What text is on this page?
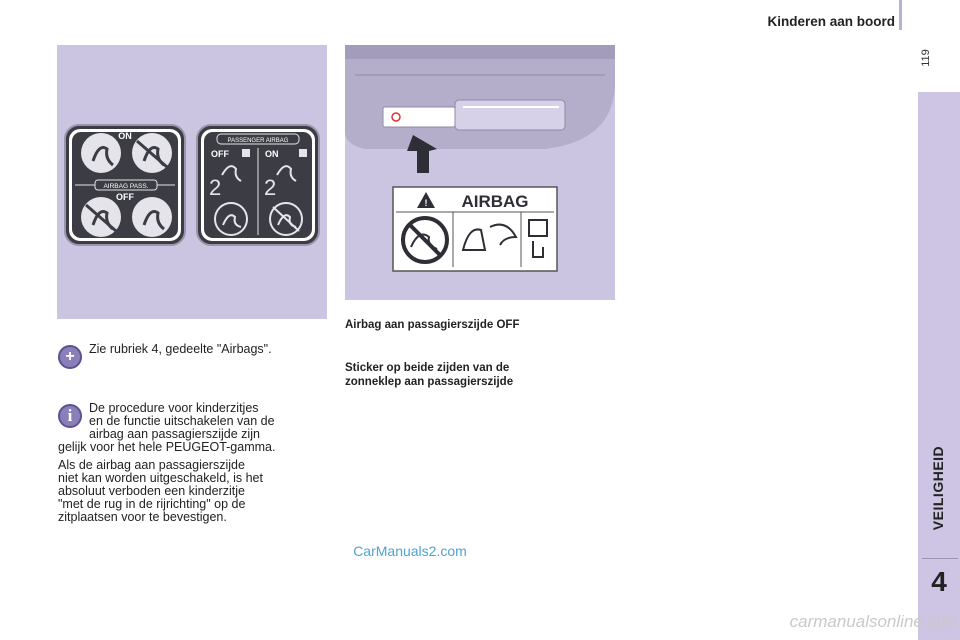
Kinderen aan boord
119
VEILIGHEID
4
ON
AIRBAG PASS.
OFF
PASSENGER AIRBAG
OFF	ON
2 2
! AIRBAG
Airbag aan passagierszijde OFF
Sticker op beide zijden van de
zonneklep aan passagierszijde
+	Zie rubriek 4, gedeelte "Airbags".
i	De procedure voor kinderzitjes
en de functie uitschakelen van de
airbag aan passagierszijde zijn
gelijk voor het hele PEUGEOT-gamma.
Als de airbag aan passagierszijde
niet kan worden uitgeschakeld, is het
absoluut verboden een kinderzitje
"met de rug in de rijrichting" op de
zitplaatsen voor te bevestigen.
CarManuals2.com
carmanualsonline.info
